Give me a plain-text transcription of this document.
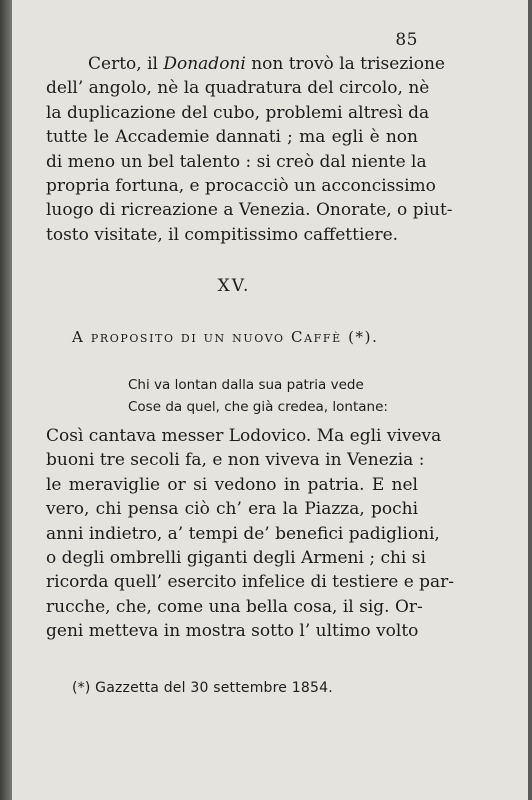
85

Certo, il Donadoni non trovò la trisezione
dell’ angolo, nè la quadratura del circolo, nè
la duplicazione del cubo, problemi altresì da
tutte le Accademie dannati ; ma egli è non
di meno un bel talento : si creò dal niente la
propria fortuna, e procacciò un acconcissimo
luogo di ricreazione a Venezia. Onorate, o piut-
tosto visitate, il compitissimo caffettiere.

XV.
A proposito di un nuovo Caffè (*).
Chi va lontan dalla sua patria vede
Cose da quel, che già credea, lontane:

Così cantava messer Lodovico. Ma egli viveva
buoni tre secoli fa, e non viveva in Venezia :
le meraviglie or si vedono in patria. E nel
vero, chi pensa ciò ch’ era la Piazza, pochi
anni indietro, a’ tempi de’ benefici padiglioni,
o degli ombrelli giganti degli Armeni ; chi si
ricorda quell’ esercito infelice di testiere e par-
rucche, che, come una bella cosa, il sig. Or-
geni metteva in mostra sotto l’ ultimo volto

(*) Gazzetta del 30 settembre 1854.
